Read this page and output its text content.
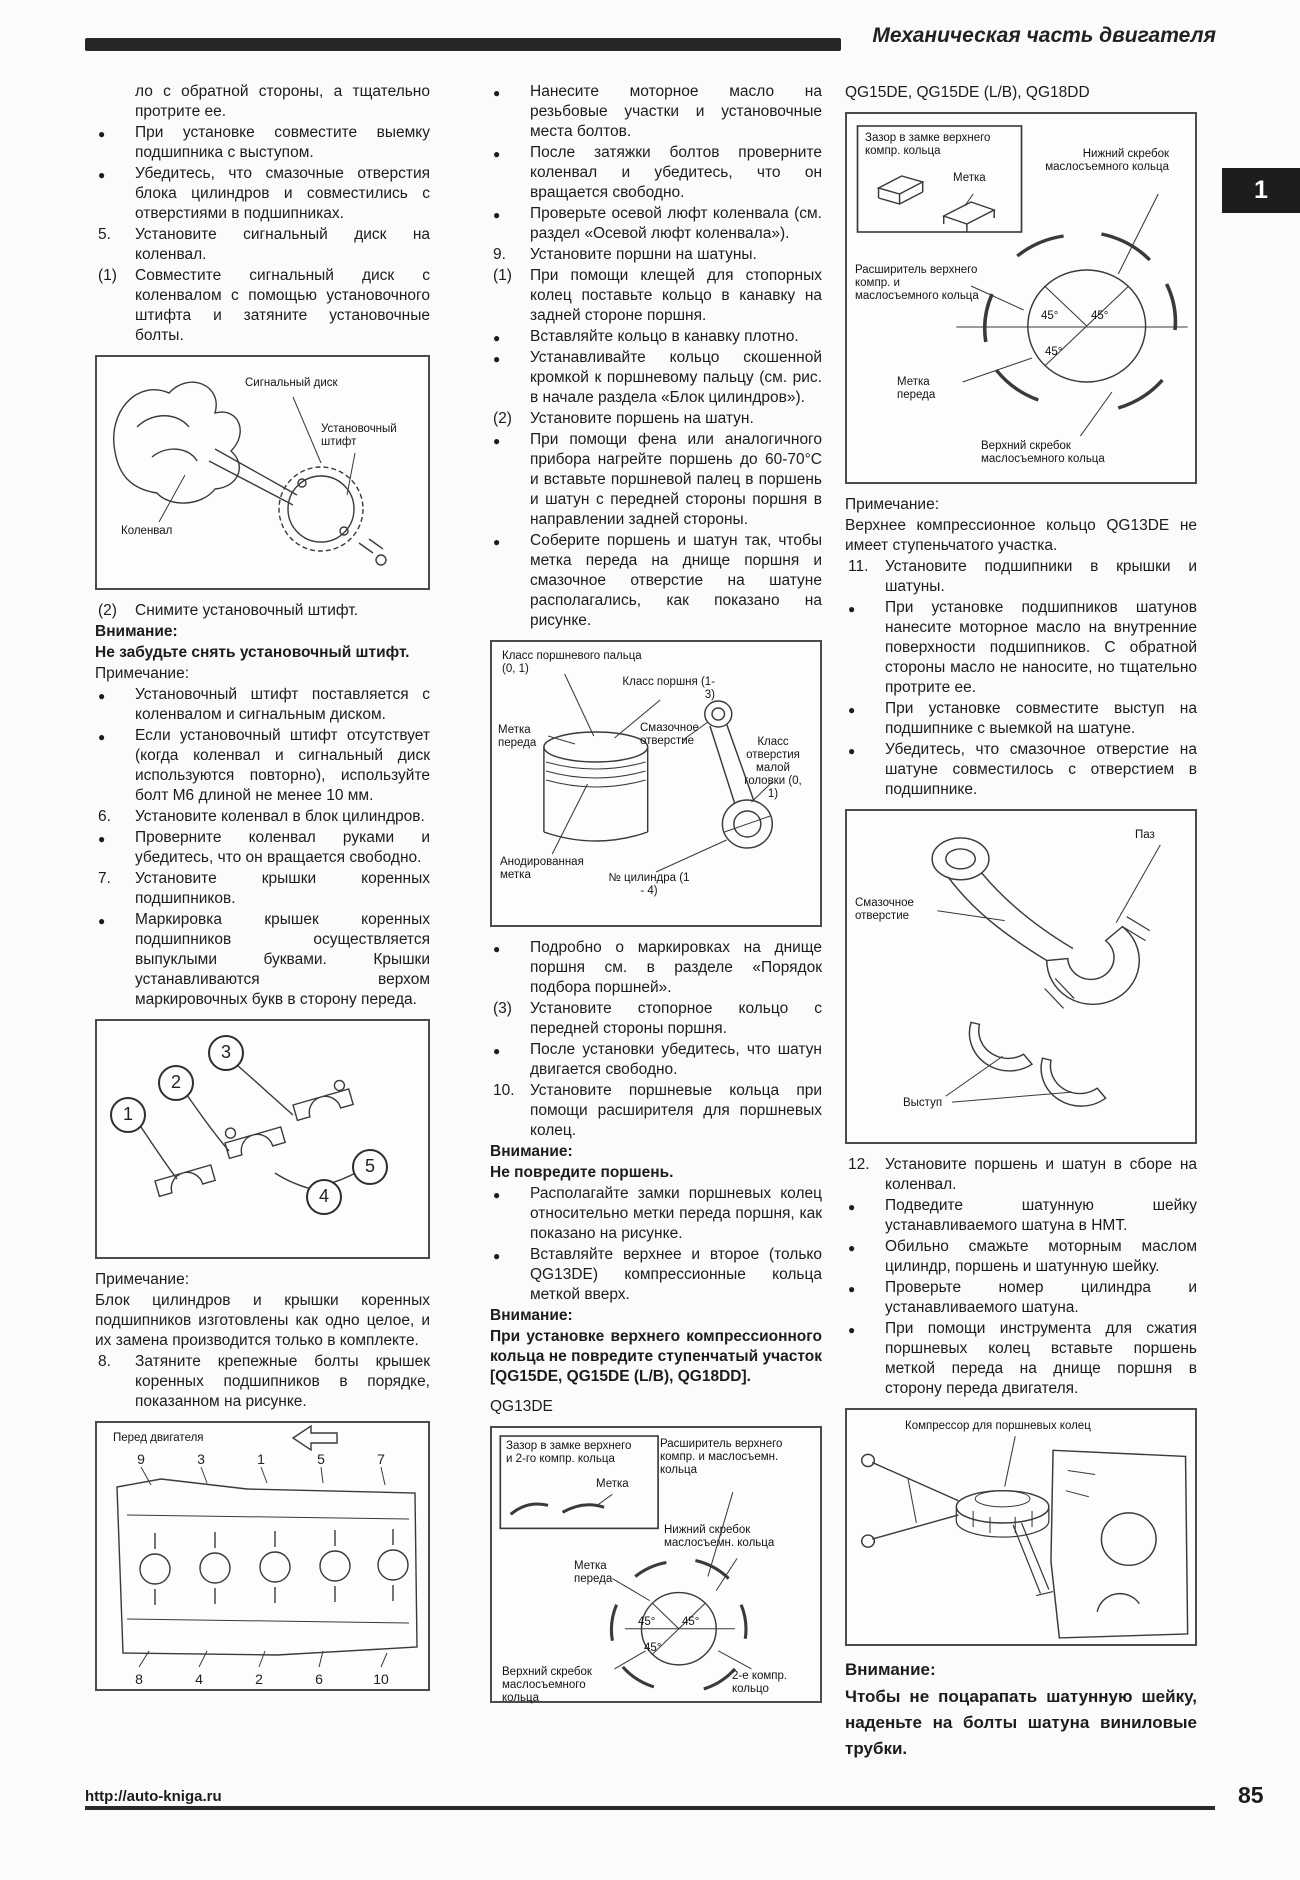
Механическая часть двигателя
1
ло с обратной стороны, а тщательно протрите ее.
●	При установке совместите выемку подшипника с выступом.
●	Убедитесь, что смазочные отверстия блока цилиндров и совместились с отверстиями в подшипниках.
5.	Установите сигнальный диск на коленвал.
(1)	Совместите сигнальный диск с коленвалом с помощью установочного штифта и затяните установочные болты.
Сигнальный диск
Установочный штифт
Коленвал
(2)	Снимите установочный штифт.
Внимание:
Не забудьте снять установочный штифт.
Примечание:
●	Установочный штифт поставляется с коленвалом и сигнальным диском.
●	Если установочный штифт отсутствует (когда коленвал и сигнальный диск используются повторно), используйте болт М6 длиной не менее 10 мм.
6.	Установите коленвал в блок цилиндров.
●	Проверните коленвал руками и убедитесь, что он вращается свободно.
7.	Установите крышки коренных подшипников.
●	Маркировка крышек коренных подшипников осуществляется выпуклыми буквами. Крышки устанавливаются верхом маркировочных букв в сторону переда.
1
2
3
4
5
Примечание:
Блок цилиндров и крышки коренных подшипников изготовлены как одно целое, и их замена производится только в комплекте.
8.	Затяните крепежные болты крышек коренных подшипников в порядке, показанном на рисунке.
Перед двигателя
9	3	1	5	7
8	4	2	6	10
●	Нанесите моторное масло на резьбовые участки и установочные места болтов.
●	После затяжки болтов проверните коленвал и убедитесь, что он вращается свободно.
●	Проверьте осевой люфт коленвала (см. раздел «Осевой люфт коленвала»).
9.	Установите поршни на шатуны.
(1)	При помощи клещей для стопорных колец поставьте кольцо в канавку на задней стороне поршня.
●	Вставляйте кольцо в канавку плотно.
●	Устанавливайте кольцо скошенной кромкой к поршневому пальцу (см. рис. в начале раздела «Блок цилиндров»).
(2)	Установите поршень на шатун.
●	При помощи фена или аналогичного прибора нагрейте поршень до 60-70°С и вставьте поршневой палец в поршень и шатун с передней стороны поршня в направлении задней стороны.
●	Соберите поршень и шатун так, чтобы метка переда на днище поршня и смазочное отверстие на шатуне располагались, как показано на рисунке.
Класс поршневого пальца (0, 1)
Класс поршня (1-3)
Метка переда
Смазочное отверстие	Класс отверстия малой головки (0, 1)
Анодированная метка	№ цилиндра (1 - 4)
●	Подробно о маркировках на днище поршня см. в разделе «Порядок подбора поршней».
(3)	Установите стопорное кольцо с передней стороны поршня.
●	После установки убедитесь, что шатун двигается свободно.
10. Установите поршневые кольца при помощи расширителя для поршневых колец.
Внимание:
Не повредите поршень.
●	Располагайте замки поршневых колец относительно метки переда поршня, как показано на рисунке.
●	Вставляйте верхнее и второе (только QG13DE) компрессионные кольца меткой вверх.
Внимание:
При установке верхнего компрессионного кольца не повредите ступенчатый участок [QG15DE, QG15DE (L/B), QG18DD].
QG13DE
Зазор в замке верхнего и 2-го компр. кольца
Метка
Расширитель верхнего компр. и маслосъемн. кольца
Нижний скребок маслосъемн. кольца
Метка переда
45° 45°
45°
Верхний скребок маслосъемного кольца
2-е компр. кольцо
QG15DE, QG15DE (L/B), QG18DD
Зазор в замке верхнего компр. кольца
Метка
Нижний скребок маслосъемного кольца
Расширитель верхнего компр. и маслосъемного кольца
45°	45°
45°
Метка переда
Верхний скребок маслосъемного кольца
Примечание:
Верхнее компрессионное кольцо QG13DE не имеет ступеньчатого участка.
11.	Установите подшипники в крышки и шатуны.
●	При установке подшипников шатунов нанесите моторное масло на внутренние поверхности подшипников. С обратной стороны масло не наносите, но тщательно протрите ее.
●	При установке совместите выступ на подшипнике с выемкой на шатуне.
●	Убедитесь, что смазочное отверстие на шатуне совместилось с отверстием в подшипнике.
Паз
Смазочное отверстие
Выступ
12. Установите поршень и шатун в сборе на коленвал.
●	Подведите шатунную шейку устанавливаемого шатуна в НМТ.
●	Обильно смажьте моторным маслом цилиндр, поршень и шатунную шейку.
●	Проверьте номер цилиндра и устанавливаемого шатуна.
●	При помощи инструмента для сжатия поршневых колец вставьте поршень меткой переда на днище поршня в сторону переда двигателя.
Компрессор для поршневых колец
Внимание:
Чтобы не поцарапать шатунную шейку, наденьте на болты шатуна виниловые трубки.
http://auto-kniga.ru	85
